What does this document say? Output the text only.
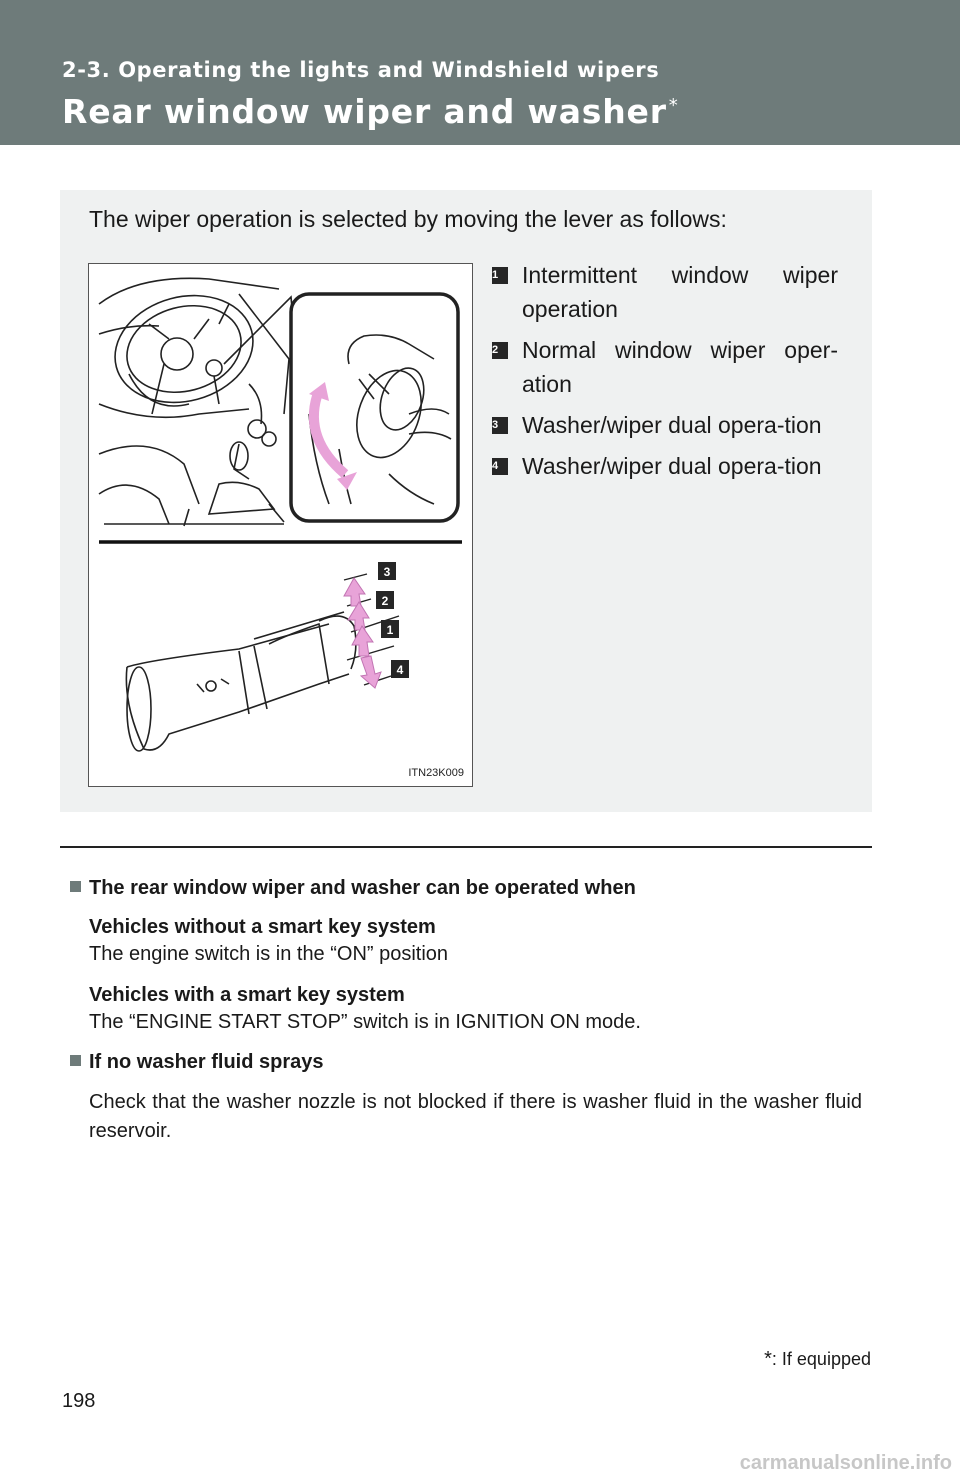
2-3. Operating the lights and Windshield wipers
Rear window wiper and washer *
The wiper operation is selected by moving the lever as follows:
3
2
1
4
ITN23K009
1	Intermittent window wiper operation
2	Normal window wiper oper-ation
3	Washer/wiper dual opera-tion
4	Washer/wiper dual opera-tion
The rear window wiper and washer can be operated when
Vehicles without a smart key system
The engine switch is in the “ON” position
Vehicles with a smart key system
The “ENGINE START STOP” switch is in IGNITION ON mode.
If no washer fluid sprays
Check that the washer nozzle is not blocked if there is washer fluid in the washer fluid reservoir.
*: If equipped
198
carmanualsonline.info
